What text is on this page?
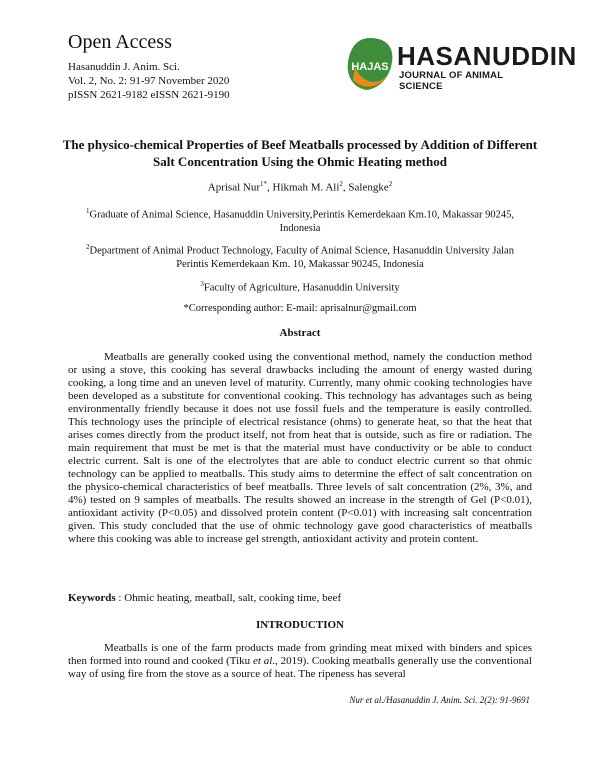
Open Access

Hasanuddin J. Anim. Sci.

Vol. 2, No. 2: 91-97 November 2020

pISSN 2621-9182 eISSN 2621-9190

HAJAS HASANUDDIN
JOURNAL OF ANIMAL SCIENCE
The physico-chemical Properties of Beef Meatballs processed by Addition of Different Salt Concentration Using the Ohmic Heating method

Aprisal Nur$^{1*}$, Hikmah M. Ali$^2$, Salengke$^2$

$^1$Graduate of Animal Science, Hasanuddin University,Perintis Kemerdekaan Km.10, Makassar 90245, Indonesia

$^2$Department of Animal Product Technology, Faculty of Animal Science, Hasanuddin University Jalan Perintis Kemerdekaan Km. 10, Makassar 90245, Indonesia

$^3$Faculty of Agriculture, Hasanuddin University

*Corresponding author: E-mail: aprisalnur@gmail.com

Abstract

Meatballs are generally cooked using the conventional method, namely the conduction method or using a stove, this cooking has several drawbacks including the amount of energy wasted during cooking, a long time and an uneven level of maturity. Currently, many ohmic cooking technologies have been developed as a substitute for conventional cooking. This technology has advantages such as being environmentally friendly because it does not use fossil fuels and the temperature is easily controlled. This technology uses the principle of electrical resistance (ohms) to generate heat, so that the heat that arises comes directly from the product itself, not from heat that is outside, such as fire or radiation. The main requirement that must be met is that the material must have conductivity or be able to conduct electric current. Salt is one of the electrolytes that are able to conduct electric current so that ohmic technology can be applied to meatballs. This study aims to determine the effect of salt concentration on the physico-chemical characteristics of beef meatballs. Three levels of salt concentration (2%, 3%, and 4%) tested on 9 samples of meatballs. The results showed an increase in the strength of Gel (P<0.01), antioxidant activity (P<0.05) and dissolved protein content (P<0.01) with increasing salt concentration given. This study concluded that the use of ohmic technology gave good characteristics of meatballs where this cooking was able to increase gel strength, antioxidant activity and protein content.

Keywords : Ohmic heating, meatball, salt, cooking time, beef

INTRODUCTION

Meatballs is one of the farm products made from grinding meat mixed with binders and spices then formed into round and cooked (Tiku et al., 2019). Cooking meatballs generally use the conventional way of using fire from the stove as a source of heat. The ripeness has several

Nur et al./Hasanuddin J. Anim. Sci. 2(2): 91-9691
